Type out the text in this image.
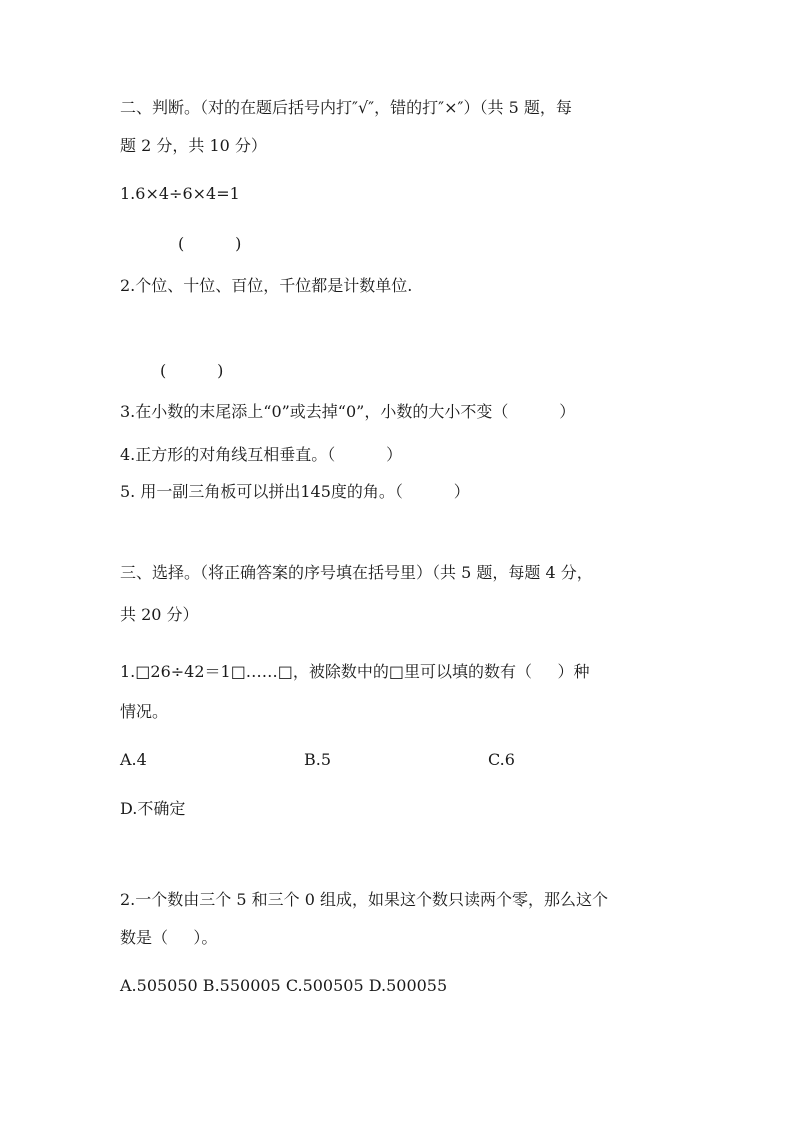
二、判断。（对的在题后括号内打″√″，错的打″×″）（共 5 题，每
题 2 分，共 10 分）
1.6×4÷6×4=1
(          )
2.个位、十位、百位，千位都是计数单位.
(          )
3.在小数的末尾添上“0”或去掉“0”，小数的大小不变（          ）
4.正方形的对角线互相垂直。（          ）
5. 用一副三角板可以拼出145度的角。（          ）
三、选择。（将正确答案的序号填在括号里）（共 5 题，每题 4 分，
共 20 分）
1.□26÷42＝1□……□，被除数中的□里可以填的数有（     ）种
情况。
A.4	B.5	C.6
D.不确定
2.一个数由三个 5 和三个 0 组成，如果这个数只读两个零，那么这个
数是（     ）。
A.505050 B.550005 C.500505 D.500055
